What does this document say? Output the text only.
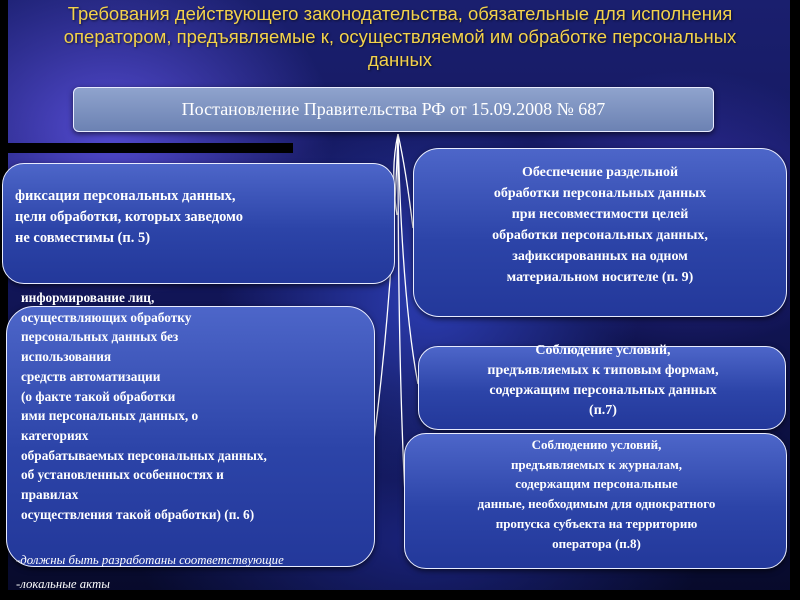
Требования действующего законодательства, обязательные для исполнения оператором, предъявляемые к, осуществляемой им обработке персональных данных
Постановление Правительства РФ от 15.09.2008 № 687
фиксация персональных данных,
цели обработки, которых заведомо
не совместимы (п. 5)
Обеспечение раздельной
обработки персональных данных
при несовместимости целей
обработки персональных данных,
зафиксированных на одном
материальном носителе (п. 9)
информирование лиц,
осуществляющих обработку
персональных данных без
использования
средств автоматизации
(о факте такой обработки
ими персональных данных, о
категориях
обрабатываемых персональных данных,
об установленных особенностях и
правилах
осуществления такой обработки) (п. 6)
Соблюдение условий,
предъявляемых к типовым формам,
содержащим персональных данных
(п.7)
Соблюдению условий,
предъявляемых к журналам,
содержащим персональные
данные, необходимым для однократного
пропуска субъекта на территорию
оператора (п.8)
-должны быть разработаны соответствующие
-локальные акты
